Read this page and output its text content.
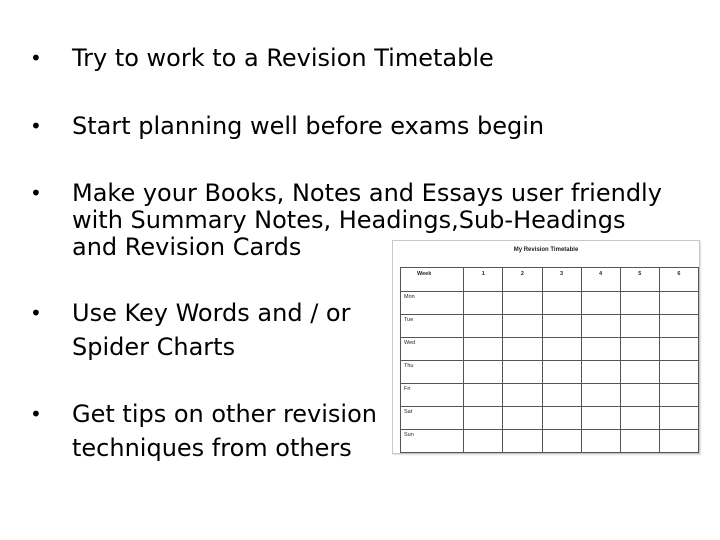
•	Try to work to a Revision Timetable
•	Start planning well before exams begin
•	Make your Books, Notes and Essays user friendly
with Summary Notes, Headings,Sub-Headings
and Revision Cards
•	Use Key Words and / or
Spider Charts
•	Get tips on other revision
techniques from others
My Revision Timetable
Week	1	2	3	4	5	6
Mon						
Tue						
Wed						
Thu						
Fri						
Sat						
Sun						
